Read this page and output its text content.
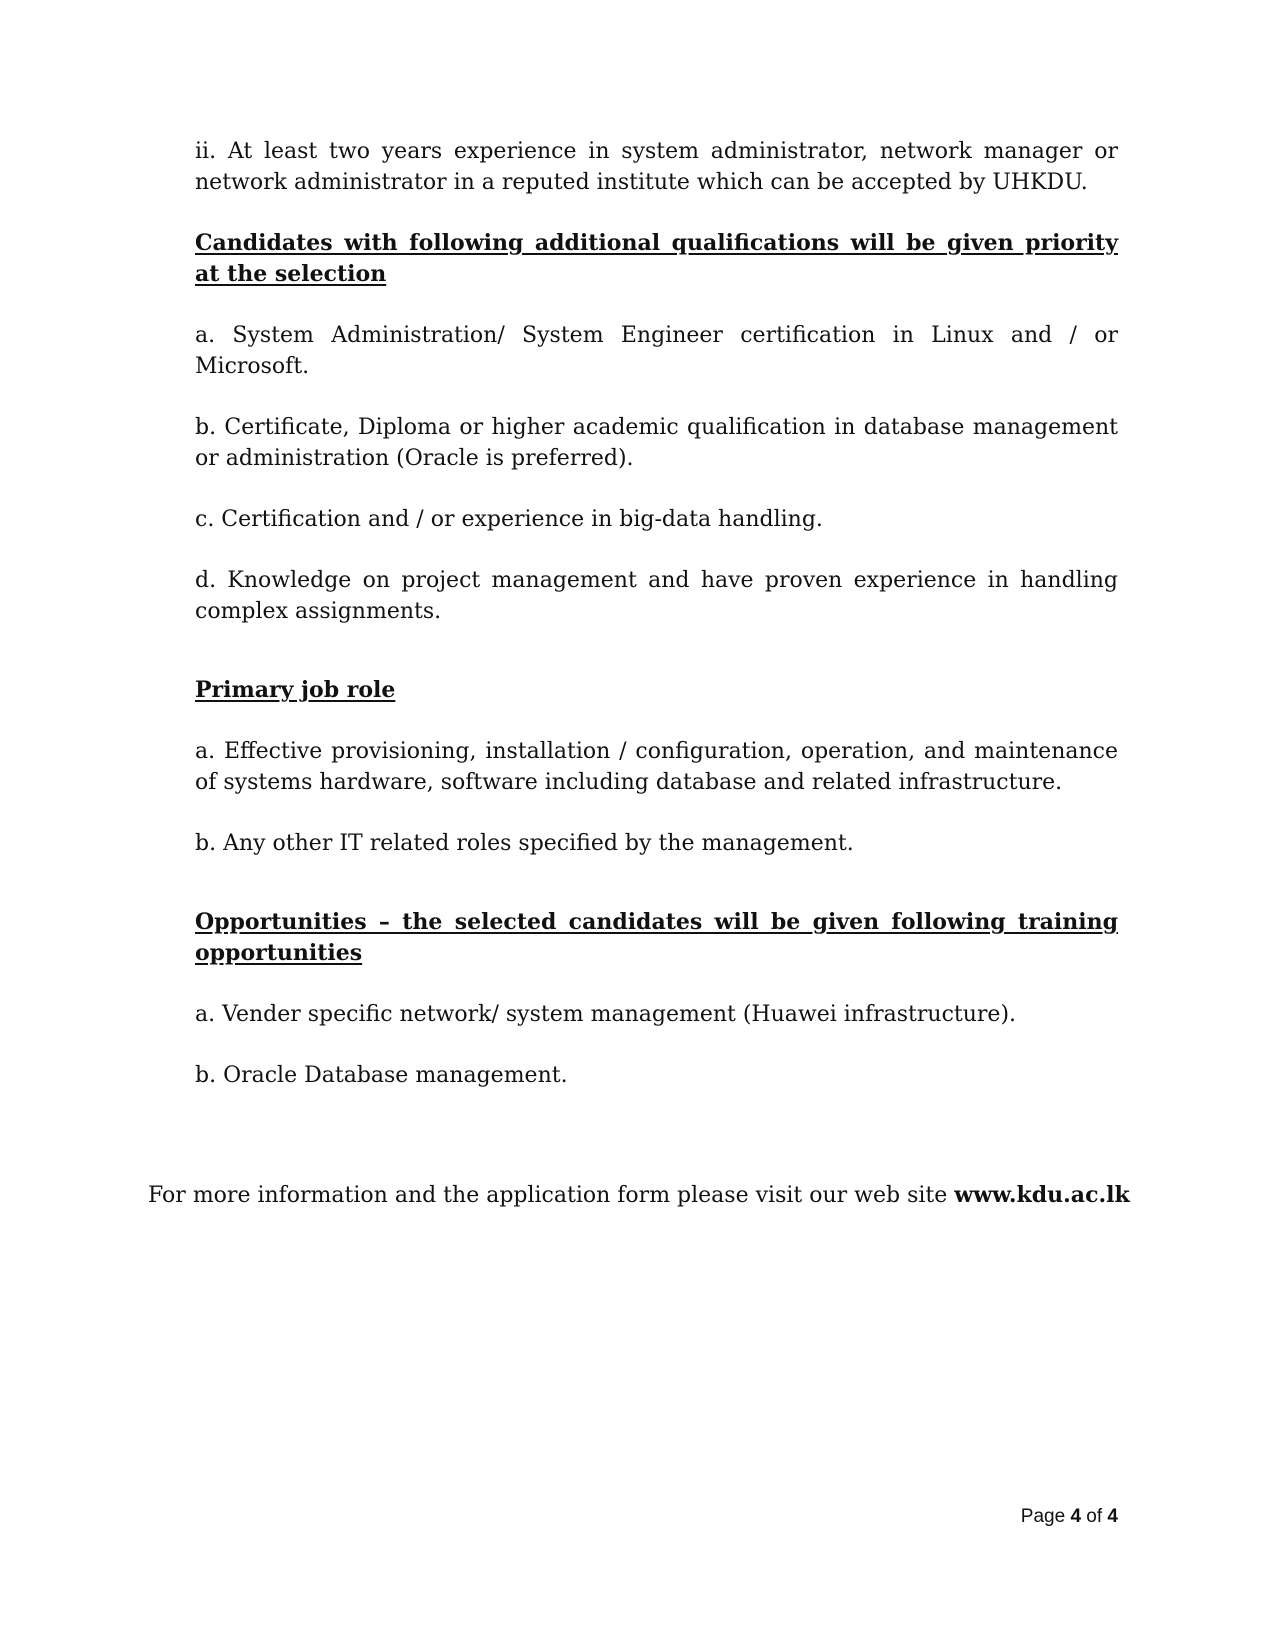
ii. At least two years experience in system administrator, network manager or network administrator in a reputed institute which can be accepted by UHKDU.

Candidates with following additional qualifications will be given priority at the selection

a. System Administration/ System Engineer certification in Linux and / or Microsoft.

b. Certificate, Diploma or higher academic qualification in database management or administration (Oracle is preferred).

c. Certification and / or experience in big-data handling.

d. Knowledge on project management and have proven experience in handling complex assignments.

Primary job role

a. Effective provisioning, installation / configuration, operation, and maintenance of systems hardware, software including database and related infrastructure.

b. Any other IT related roles specified by the management.

Opportunities – the selected candidates will be given following training opportunities

a. Vender specific network/ system management (Huawei infrastructure).

b. Oracle Database management.

For more information and the application form please visit our web site www.kdu.ac.lk
Page 4 of 4
